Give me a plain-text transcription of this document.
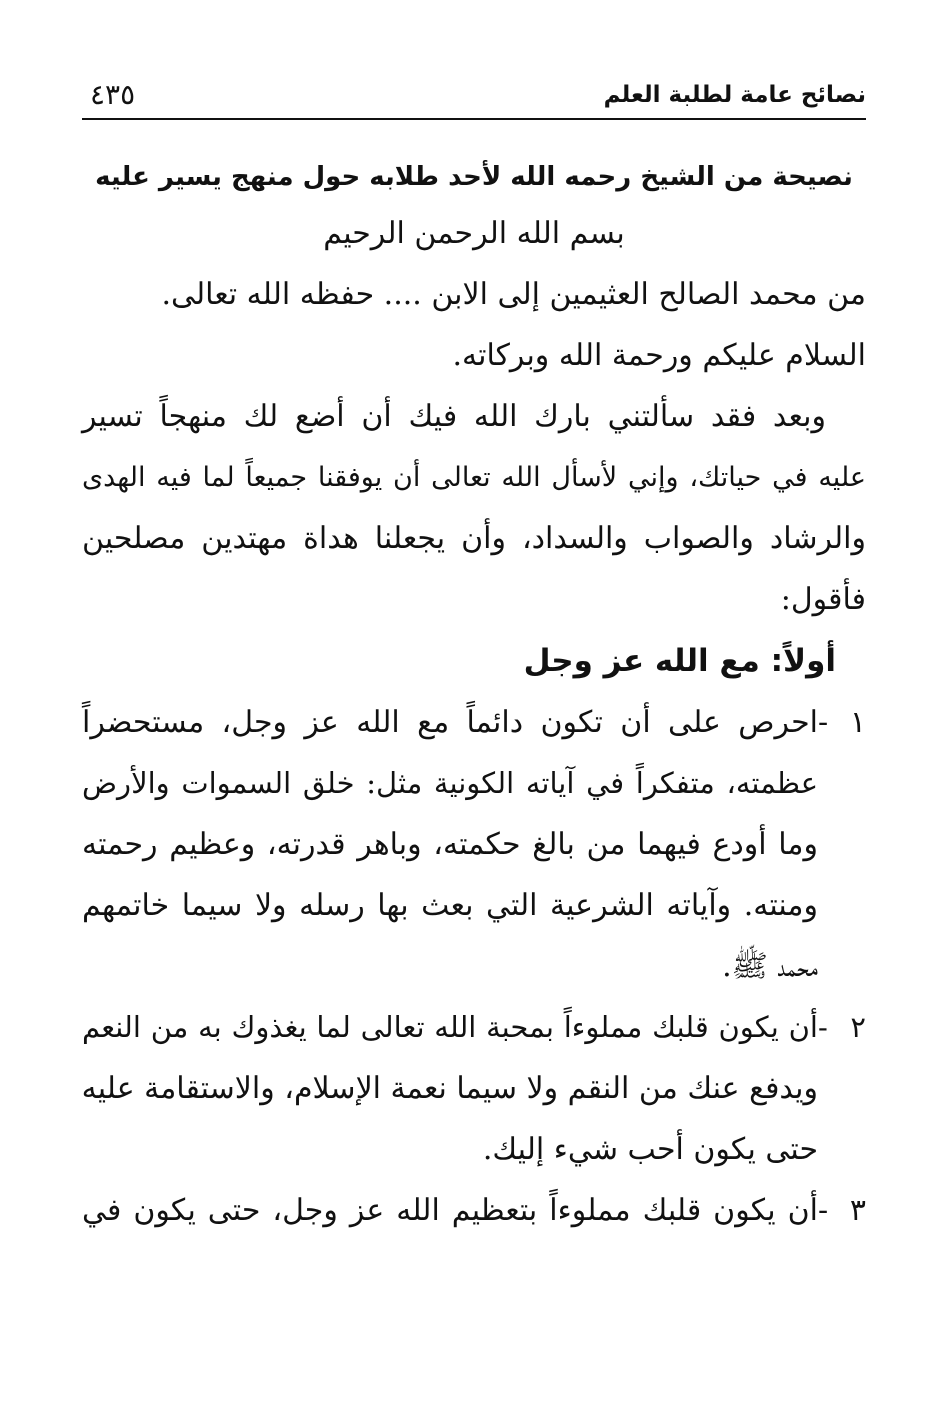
نصائح عامة لطلبة العلم
٤٣٥
نصيحة من الشيخ رحمه الله لأحد طلابه حول منهج يسير عليه
بسم الله الرحمن الرحيم
من محمد الصالح العثيمين إلى الابن .... حفظه الله تعالى.
السلام عليكم ورحمة الله وبركاته.
وبعد فقد سألتني بارك الله فيك أن أضع لك منهجاً تسير
عليه في حياتك، وإني لأسأل الله تعالى أن يوفقنا جميعاً لما فيه الهدى
والرشاد والصواب والسداد، وأن يجعلنا هداة مهتدين مصلحين
فأقول:
أولاً: مع الله عز وجل
١ -احرص على أن تكون دائماً مع الله عز وجل، مستحضراً
عظمته، متفكراً في آياته الكونية مثل: خلق السموات والأرض
وما أودع فيهما من بالغ حكمته، وباهر قدرته، وعظيم رحمته
ومنته. وآياته الشرعية التي بعث بها رسله ولا سيما خاتمهم
محمد ﷺ.
٢ -أن يكون قلبك مملوءاً بمحبة الله تعالى لما يغذوك به من النعم
ويدفع عنك من النقم ولا سيما نعمة الإسلام، والاستقامة عليه
حتى يكون أحب شيء إليك.
٣ -أن يكون قلبك مملوءاً بتعظيم الله عز وجل، حتى يكون في
